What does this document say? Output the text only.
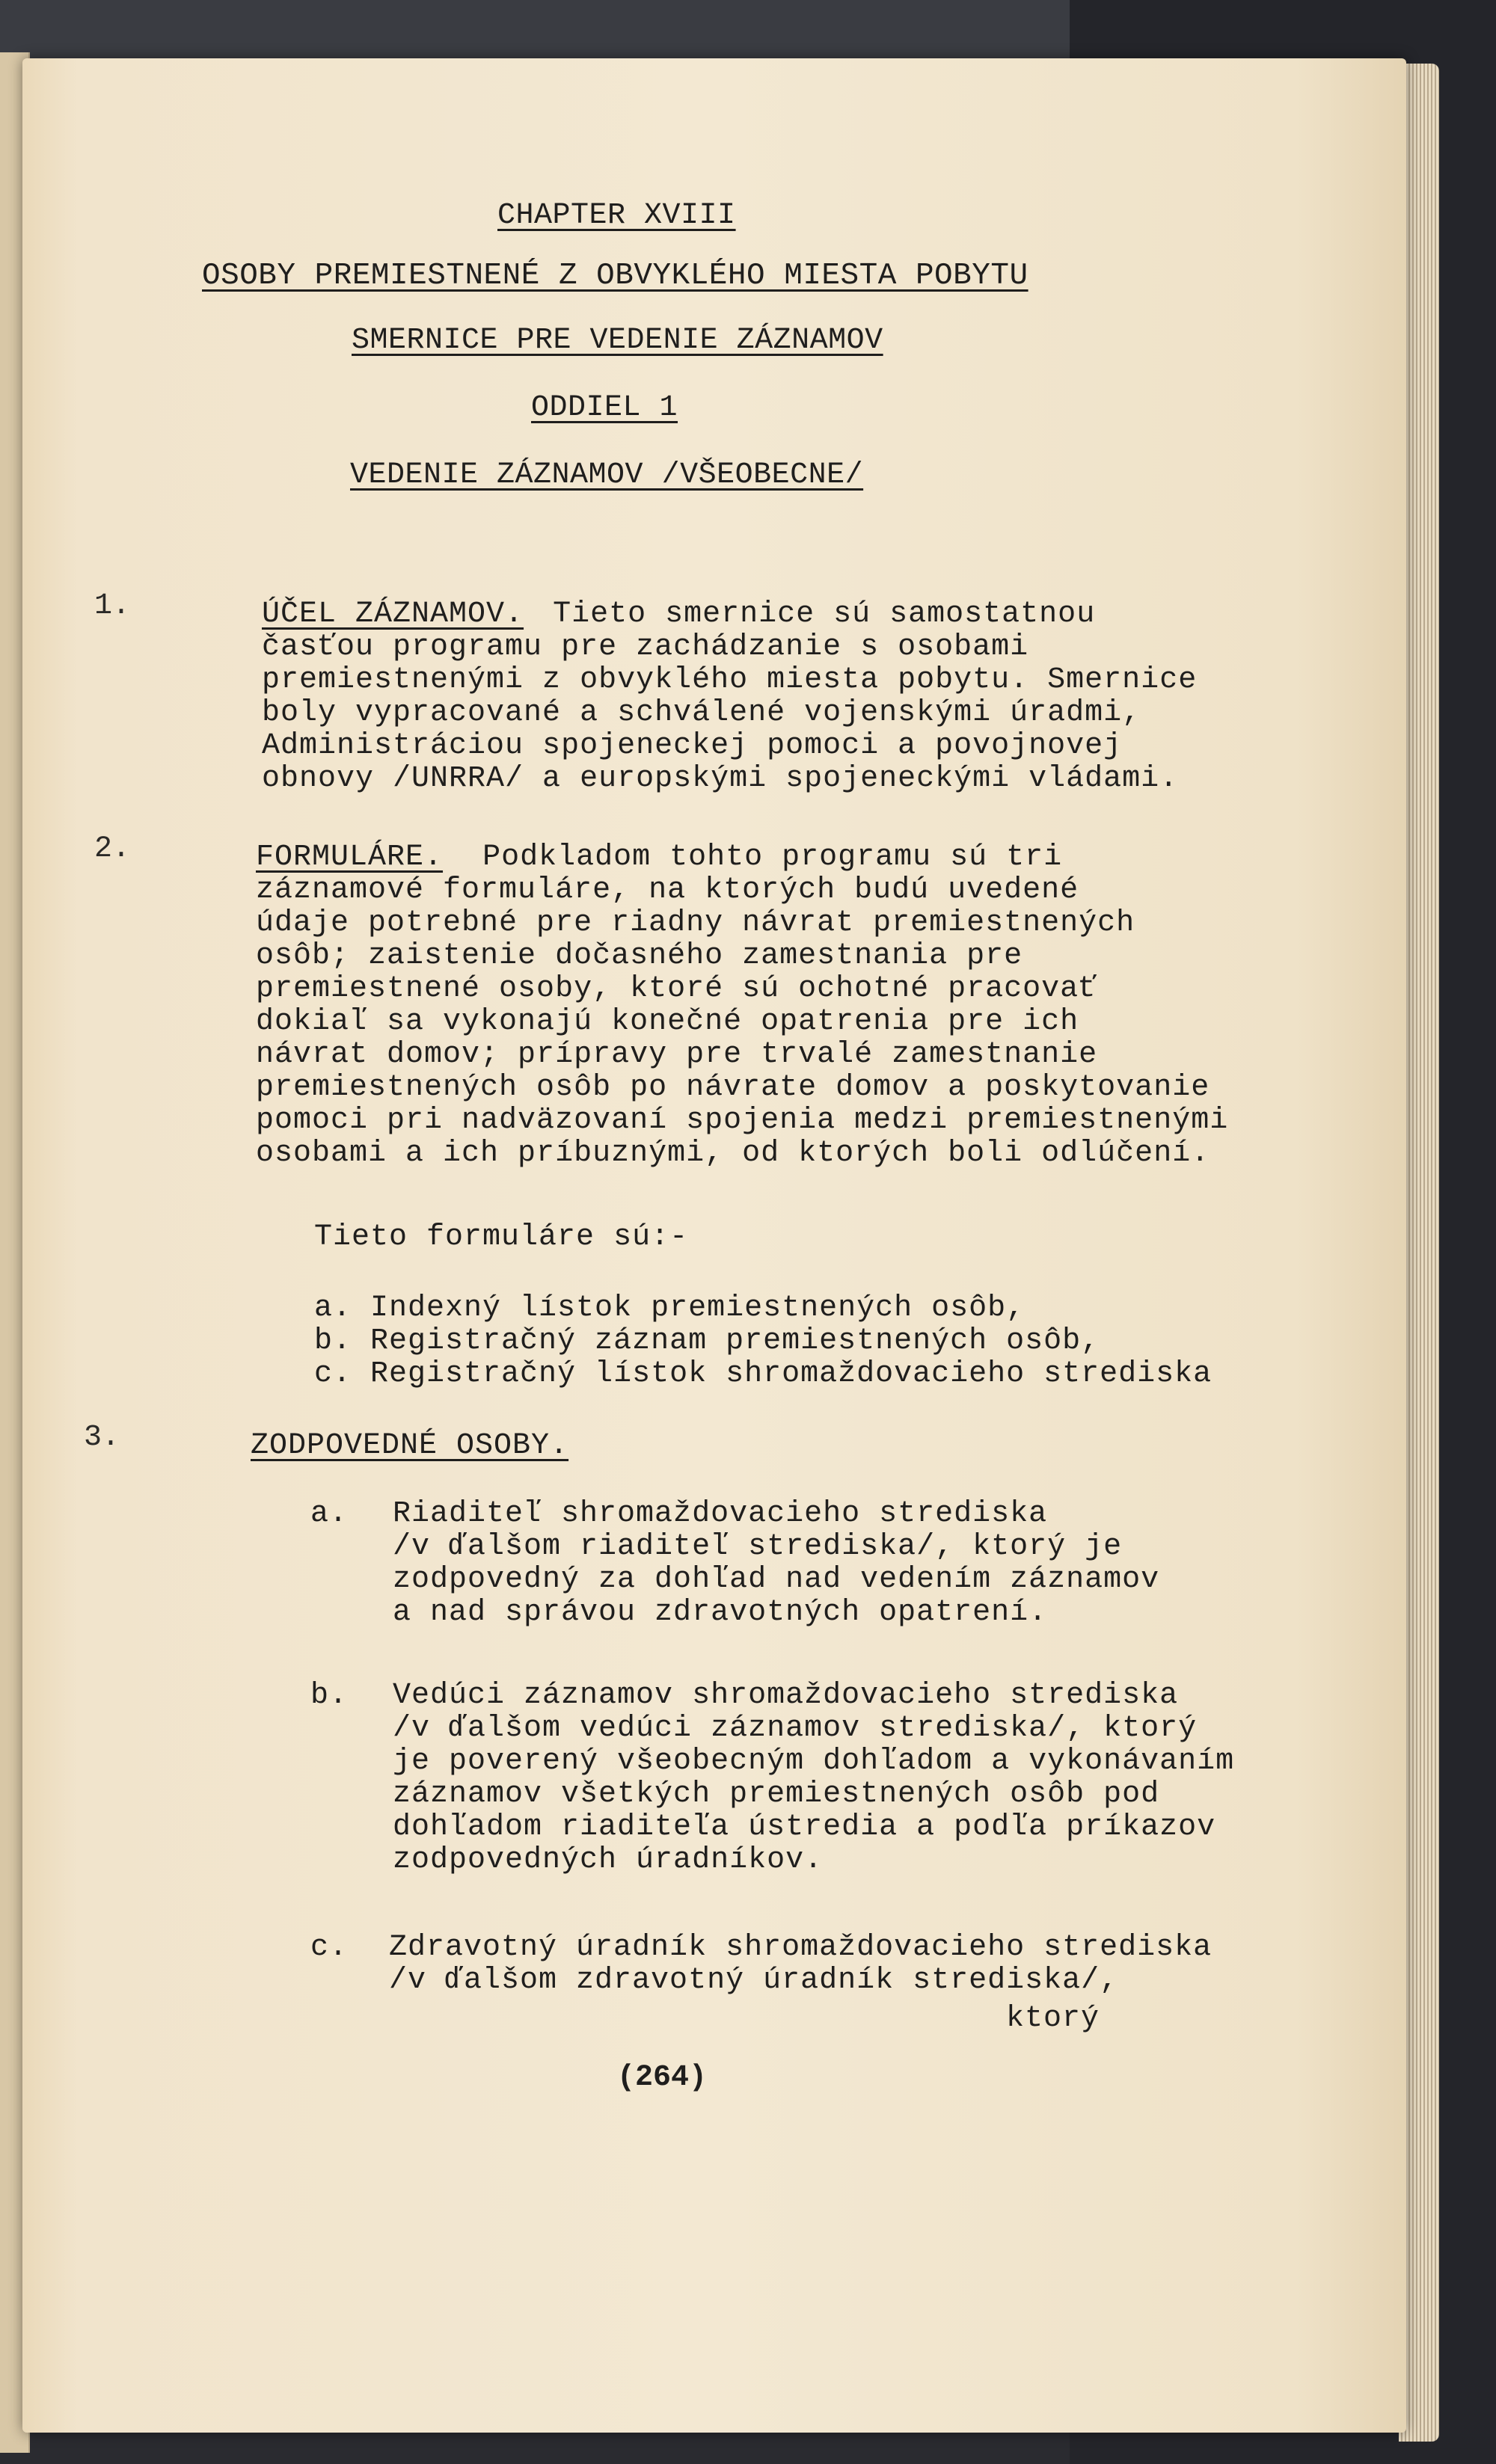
CHAPTER XVIII
OSOBY PREMIESTNENÉ Z OBVYKLÉHO MIESTA POBYTU
SMERNICE PRE VEDENIE ZÁZNAMOV
ODDIEL 1
VEDENIE ZÁZNAMOV /VŠEOBECNE/
1.	ÚČEL ZÁZNAMOV. Tieto smernice sú samostatnou
časťou programu pre zachádzanie s osobami
premiestnenými z obvyklého miesta pobytu. Smernice
boly vypracované a schválené vojenskými úradmi,
Administráciou spojeneckej pomoci a povojnovej
obnovy /UNRRA/ a europskými spojeneckými vládami.
2.	FORMULÁRE. Podkladom tohto programu sú tri
záznamové formuláre, na ktorých budú uvedené
údaje potrebné pre riadny návrat premiestnených
osôb; zaistenie dočasného zamestnania pre
premiestnené osoby, ktoré sú ochotné pracovať
dokiaľ sa vykonajú konečné opatrenia pre ich
návrat domov; prípravy pre trvalé zamestnanie
premiestnených osôb po návrate domov a poskytovanie
pomoci pri nadväzovaní spojenia medzi premiestnenými
osobami a ich príbuznými, od ktorých boli odlúčení.
Tieto formuláre sú:-
a. Indexný lístok premiestnených osôb,
b. Registračný záznam premiestnených osôb,
c. Registračný lístok shromaždovacieho strediska
3.	ZODPOVEDNÉ OSOBY.
a. Riaditeľ shromaždovacieho strediska
/v ďalšom riaditeľ strediska/, ktorý je
zodpovedný za dohľad nad vedením záznamov
a nad správou zdravotných opatrení.
b. Vedúci záznamov shromaždovacieho strediska
/v ďalšom vedúci záznamov strediska/, ktorý
je poverený všeobecným dohľadom a vykonávaním
záznamov všetkých premiestnených osôb pod
dohľadom riaditeľa ústredia a podľa príkazov
zodpovedných úradníkov.
c. Zdravotný úradník shromaždovacieho strediska
/v ďalšom zdravotný úradník strediska/,
ktorý
(264)
